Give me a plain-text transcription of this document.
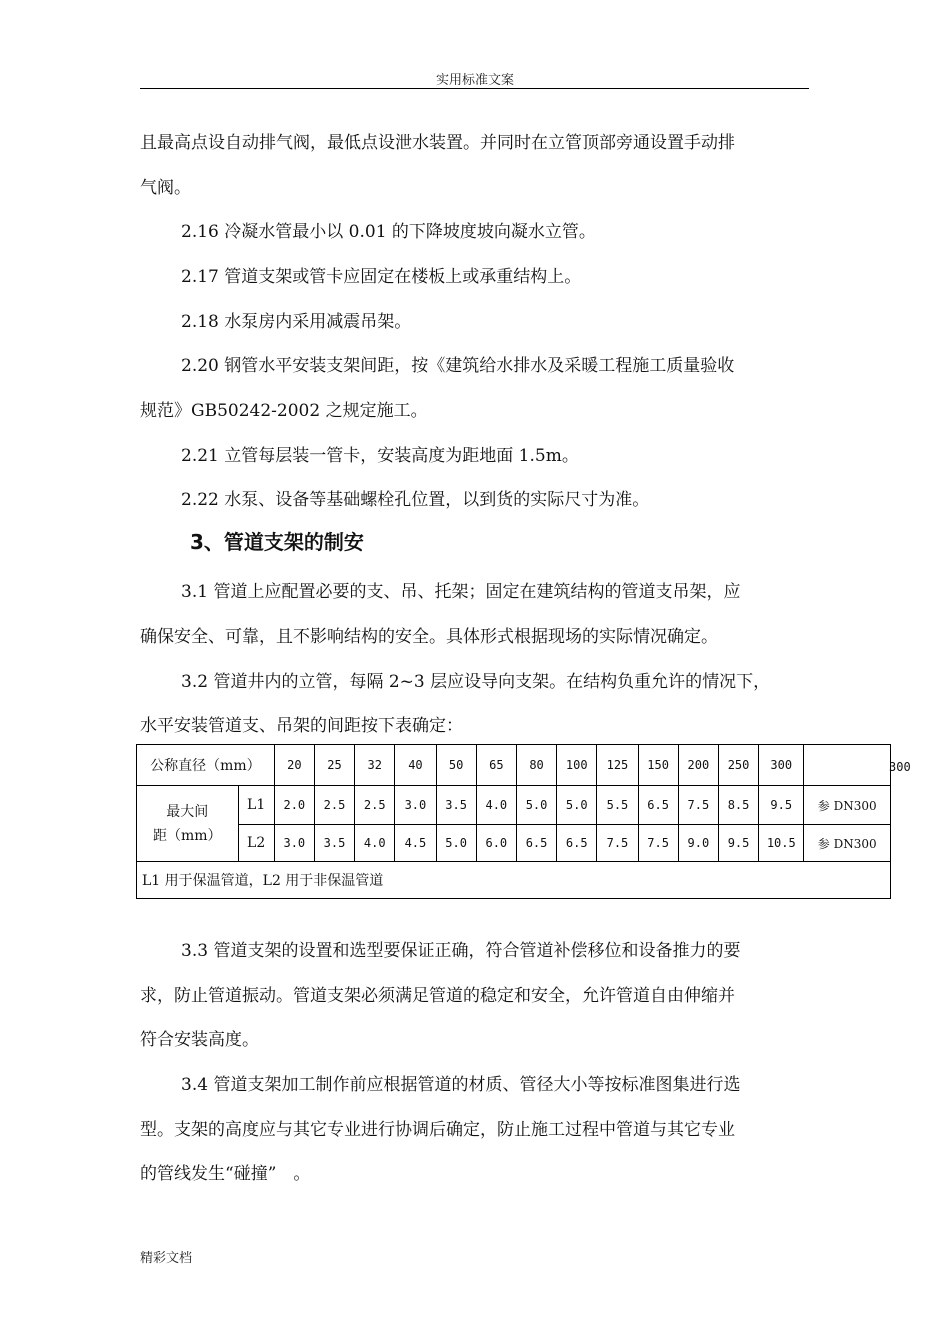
实用标准文案
且最高点设自动排气阀，最低点设泄水装置。并同时在立管顶部旁通设置手动排
气阀。
2.16 冷凝水管最小以 0.01 的下降坡度坡向凝水立管。
2.17 管道支架或管卡应固定在楼板上或承重结构上。
2.18 水泵房内采用减震吊架。
2.20 钢管水平安装支架间距，按《建筑给水排水及采暖工程施工质量验收
规范》GB50242-2002 之规定施工。
2.21 立管每层装一管卡，安装高度为距地面 1.5m。
2.22 水泵、设备等基础螺栓孔位置，以到货的实际尺寸为准。
3、管道支架的制安
3.1 管道上应配置必要的支、吊、托架；固定在建筑结构的管道支吊架，应
确保安全、可靠，且不影响结构的安全。具体形式根据现场的实际情况确定。
3.2 管道井内的立管，每隔 2~3 层应设导向支架。在结构负重允许的情况下，
水平安装管道支、吊架的间距按下表确定：
公称直径（mm）		20	25	32	40	50	65	80	100	125	150	200	250	300	
最大间
距（mm）	L1	2.0	2.5	2.5	3.0	3.5	4.0	5.0	5.0	5.5	6.5	7.5	8.5	9.5	参 DN300
	L2	3.0	3.5	4.0	4.5	5.0	6.0	6.5	6.5	7.5	7.5	9.0	9.5	10.5	参 DN300
L1 用于保温管道，L2 用于非保温管道															
300
3.3 管道支架的设置和选型要保证正确，符合管道补偿移位和设备推力的要
求，防止管道振动。管道支架必须满足管道的稳定和安全，允许管道自由伸缩并
符合安装高度。
3.4 管道支架加工制作前应根据管道的材质、管径大小等按标准图集进行选
型。支架的高度应与其它专业进行协调后确定，防止施工过程中管道与其它专业
的管线发生“碰撞”　。
精彩文档
